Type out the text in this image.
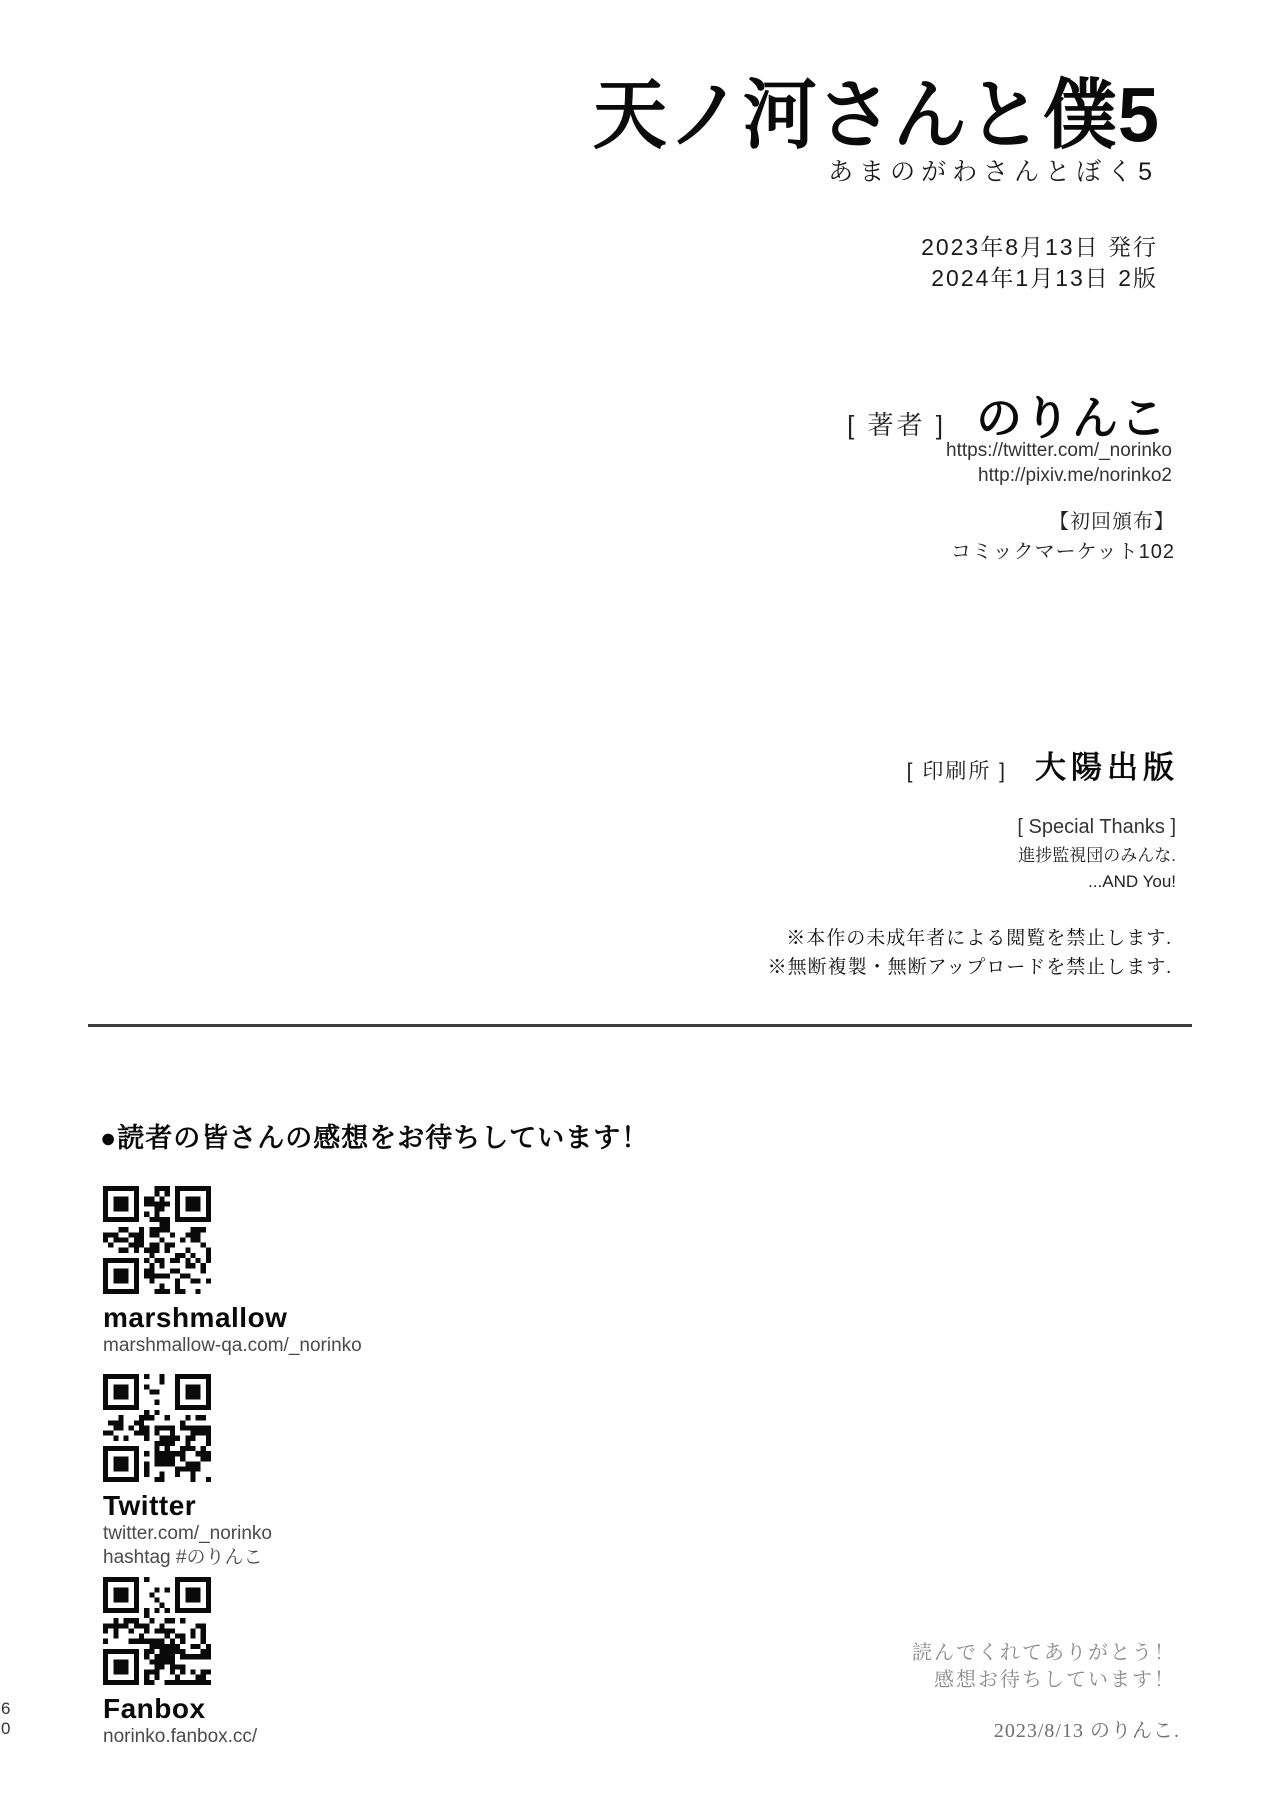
天ノ河さんと僕5
あまのがわさんとぼく5
2023年8月13日 発行
2024年1月13日 2版
[ 著者 ] のりんこ
https://twitter.com/_norinko
http://pixiv.me/norinko2
【初回頒布】
コミックマーケット102
[ 印刷所 ] 大陽出版
[ Special Thanks ]
進捗監視団のみんな.
...AND You!
※本作の未成年者による閲覧を禁止します.
※無断複製・無断アップロードを禁止します.
●読者の皆さんの感想をお待ちしています！
marshmallow
marshmallow-qa.com/_norinko
Twitter
twitter.com/_norinko
hashtag #のりんこ
Fanbox
norinko.fanbox.cc/
読んでくれてありがとう！
感想お待ちしています！
2023/8/13 のりんこ.
60
